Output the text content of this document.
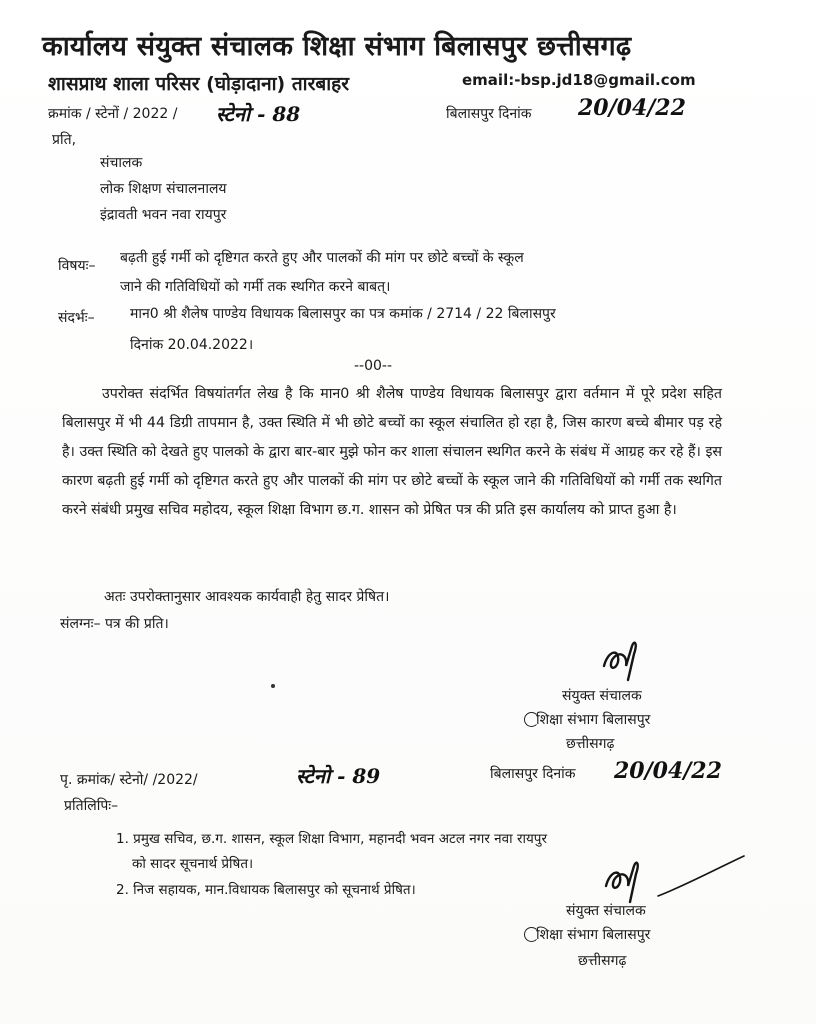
कार्यालय संयुक्त संचालक शिक्षा संभाग बिलासपुर छत्तीसगढ़
शासप्राथ शाला परिसर (घोड़ादाना) तारबाहर	email:-bsp.jd18@gmail.com
क्रमांक / स्टेनों / 2022 / स्टेनो - 88	बिलासपुर दिनांक 20/04/22
प्रति,
संचालक
लोक शिक्षण संचालनालय
इंद्रावती भवन नवा रायपुर
विषयः– बढ़ती हुई गर्मी को दृष्टिगत करते हुए और पालकों की मांग पर छोटे बच्चों के स्कूल
जाने की गतिविधियों को गर्मी तक स्थगित करने बाबत्।
संदर्भः–	मान0 श्री शैलेष पाण्डेय विधायक बिलासपुर का पत्र कमांक / 2714 / 22 बिलासपुर
दिनांक 20.04.2022।
--00--
उपरोक्त संदर्भित विषयांतर्गत लेख है कि मान0 श्री शैलेष पाण्डेय विधायक बिलासपुर द्वारा वर्तमान में पूरे प्रदेश सहित बिलासपुर में भी 44 डिग्री तापमान है, उक्त स्थिति में भी छोटे बच्चों का स्कूल संचालित हो रहा है, जिस कारण बच्चे बीमार पड़ रहे है। उक्त स्थिति को देखते हुए पालको के द्वारा बार-बार मुझे फोन कर शाला संचालन स्थगित करने के संबंध में आग्रह कर रहे हैं। इस कारण बढ़ती हुई गर्मी को दृष्टिगत करते हुए और पालकों की मांग पर छोटे बच्चों के स्कूल जाने की गतिविधियों को गर्मी तक स्थगित करने संबंधी प्रमुख सचिव महोदय, स्कूल शिक्षा विभाग छ.ग. शासन को प्रेषित पत्र की प्रति इस कार्यालय को प्राप्त हुआ है।
अतः उपरोक्तानुसार आवश्यक कार्यवाही हेतु सादर प्रेषित।
संलग्नः– पत्र की प्रति।
संयुक्त संचालक
शिक्षा संभाग बिलासपुर
छत्तीसगढ़
पृ. क्रमांक/ स्टेनो/ /2022/	स्टेनो - 89	बिलासपुर दिनांक 20/04/22
प्रतिलिपिः–
1. प्रमुख सचिव, छ.ग. शासन, स्कूल शिक्षा विभाग, महानदी भवन अटल नगर नवा रायपुर
को सादर सूचनार्थ प्रेषित।
2. निज सहायक, मान.विधायक बिलासपुर को सूचनार्थ प्रेषित।
संयुक्त संचालक
शिक्षा संभाग बिलासपुर
छत्तीसगढ़
